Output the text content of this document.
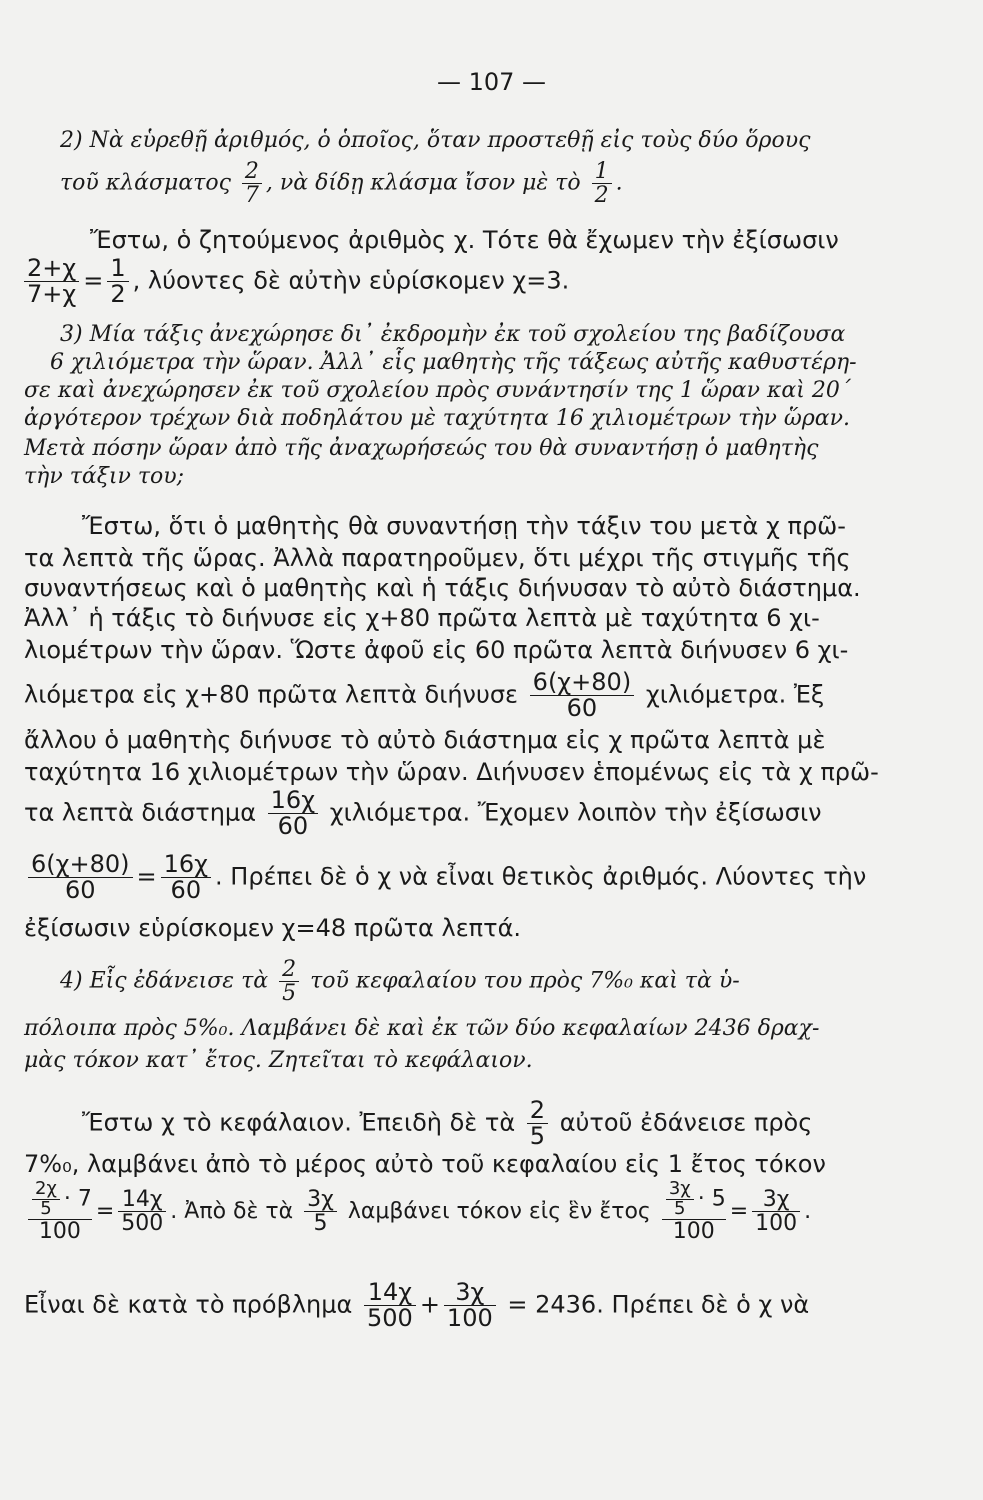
— 107 —
2) Νὰ εὑρεθῇ ἀριθμός, ὁ ὁποῖος, ὅταν προστεθῇ εἰς τοὺς δύο ὅρους
τοῦ κλάσματος $\frac{2}{7}$ , νὰ δίδῃ κλάσμα ἴσον μὲ τὸ $\frac{1}{2}$ .
Ἔστω, ὁ ζητούμενος ἀριθμὸς χ. Τότε θὰ ἔχωμεν τὴν ἐξίσωσιν
$\frac{2+\chi}{7+\chi} = \frac{1}{2}$ , λύοντες δὲ αὐτὴν εὑρίσκομεν χ=3.
3) Μία τάξις ἀνεχώρησε δι᾽ ἐκδρομὴν ἐκ τοῦ σχολείου της βαδίζουσα
6 χιλιόμετρα τὴν ὥραν. Ἀλλ᾽ εἷς μαθητὴς τῆς τάξεως αὐτῆς καθυστέρη-
σε καὶ ἀνεχώρησεν ἐκ τοῦ σχολείου πρὸς συνάντησίν της 1 ὥραν καὶ 20΄
ἀργότερον τρέχων διὰ ποδηλάτου μὲ ταχύτητα 16 χιλιομέτρων τὴν ὥραν.
Μετὰ πόσην ὥραν ἀπὸ τῆς ἀναχωρήσεώς του θὰ συναντήσῃ ὁ μαθητὴς
τὴν τάξιν του;
Ἔστω, ὅτι ὁ μαθητὴς θὰ συναντήσῃ τὴν τάξιν του μετὰ χ πρῶ-
τα λεπτὰ τῆς ὥρας. Ἀλλὰ παρατηροῦμεν, ὅτι μέχρι τῆς στιγμῆς τῆς
συναντήσεως καὶ ὁ μαθητὴς καὶ ἡ τάξις διήνυσαν τὸ αὐτὸ διάστημα.
Ἀλλ᾽ ἡ τάξις τὸ διήνυσε εἰς χ+80 πρῶτα λεπτὰ μὲ ταχύτητα 6 χι-
λιομέτρων τὴν ὥραν. Ὥστε ἀφοῦ εἰς 60 πρῶτα λεπτὰ διήνυσεν 6 χι-
λιόμετρα εἰς χ+80 πρῶτα λεπτὰ διήνυσε $\frac{6(\chi+80)}{60} \chi\iota\lambda\iota ό\mu\varepsilon\tau\rho\alpha$. Ἐξ
ἄλλου ὁ μαθητὴς διήνυσε τὸ αὐτὸ διάστημα εἰς χ πρῶτα λεπτὰ μὲ
ταχύτητα 16 χιλιομέτρων τὴν ὥραν. Διήνυσεν ἑπομένως εἰς τὰ χ πρῶ-
τα λεπτὰ διάστημα $\frac{16\chi}{60} \chi\iota\lambda\iota ό\mu\varepsilon\tau\rho\alpha$. Ἔχομεν λοιπὸν τὴν ἐξίσωσιν
$\frac{6(\chi+80)}{60} = \frac{16\chi}{60}$ . Πρέπει δὲ ὁ χ νὰ εἶναι θετικὸς ἀριθμός. Λύοντες τὴν
ἐξίσωσιν εὑρίσκομεν χ=48 πρῶτα λεπτά.
4) Εἷς ἐδάνεισε τὰ $\frac{2}{5}$ τοῦ κεφαλαίου του πρὸς 7%₀ καὶ τὰ ὑ-
πόλοιπα πρὸς 5%₀. Λαμβάνει δὲ καὶ ἐκ τῶν δύο κεφαλαίων 2436 δραχ-
μὰς τόκον κατ᾽ ἔτος. Ζητεῖται τὸ κεφάλαιον.
Ἔστω χ τὸ κεφάλαιον. Ἐπειδὴ δὲ τὰ $\frac{2}{5}$ αὐτοῦ ἐδάνεισε πρὸς
7%₀, λαμβάνει ἀπὸ τὸ μέρος αὐτὸ τοῦ κεφαλαίου εἰς 1 ἔτος τόκον
$\frac{\frac{2\chi}{5} \cdot 7}{100} = \frac{14\chi}{500}$ . Ἀπὸ δὲ τὰ $\frac{3\chi}{5}$ λαμβάνει τόκον εἰς ἓν ἔτος $\frac{\frac{3\chi}{5} \cdot 5}{100} = \frac{3\chi}{100}$ .
Εἶναι δὲ κατὰ τὸ πρόβλημα $\frac{14\chi}{500} + \frac{3\chi}{100} = 2436$. Πρέπει δὲ ὁ χ νὰ
